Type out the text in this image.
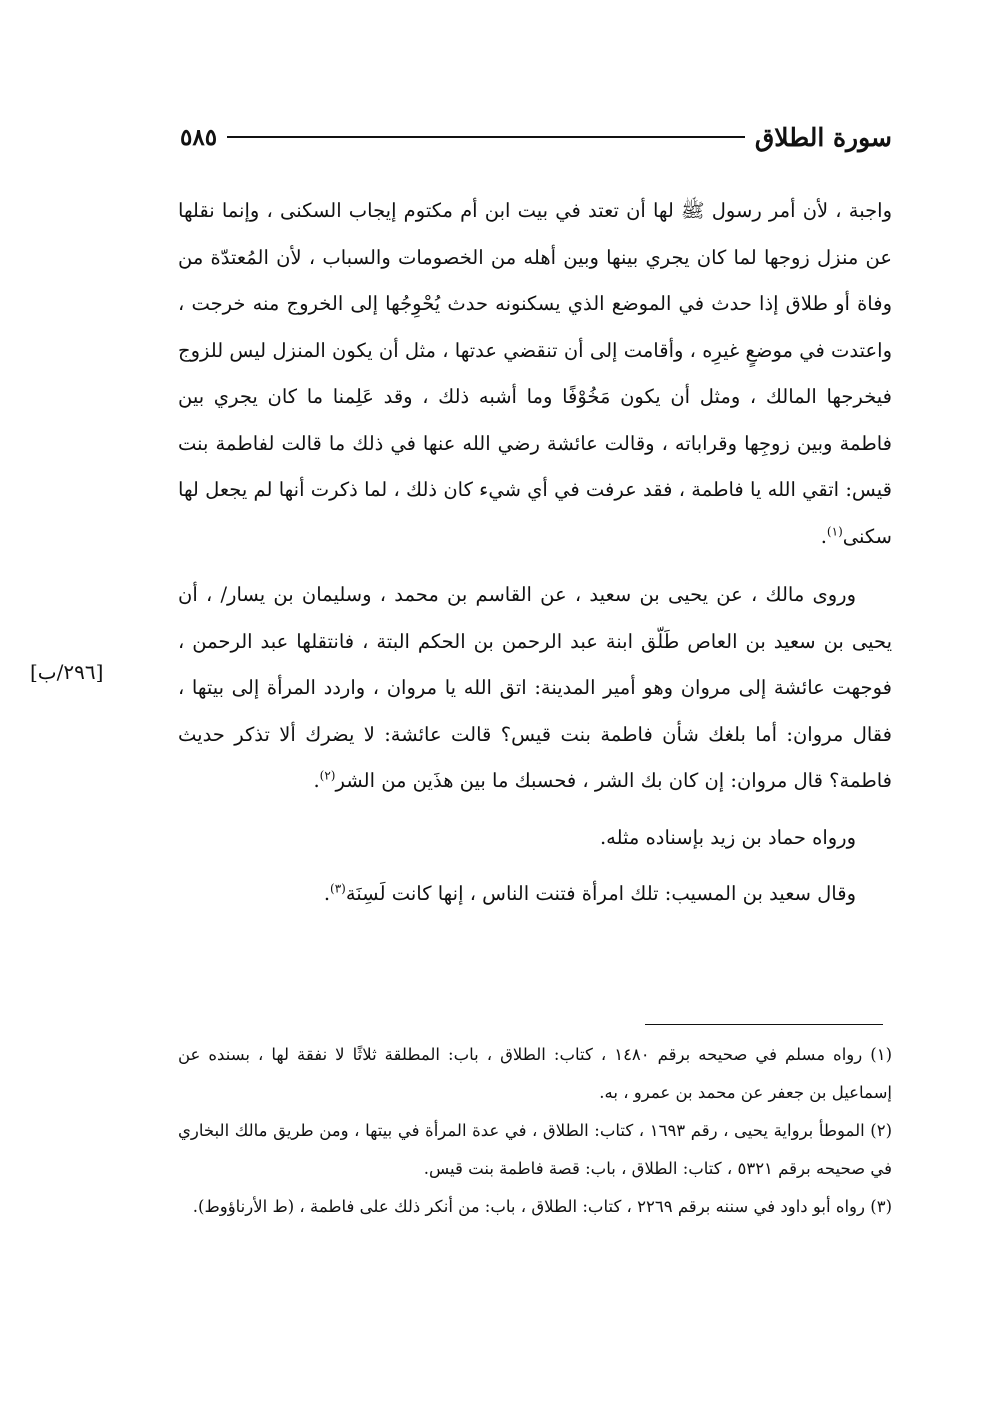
سورة الطلاق
٥٨٥
[٢٩٦/ب]

واجبة ، لأن أمر رسول ﷺ لها أن تعتد في بيت ابن أم مكتوم إيجاب السكنى ، وإنما نقلها عن منزل زوجها لما كان يجري بينها وبين أهله من الخصومات والسباب ، لأن المُعتدّة من وفاة أو طلاق إذا حدث في الموضع الذي يسكنونه حدث يُحْوِجُها إلى الخروج منه خرجت ، واعتدت في موضعٍ غيرِه ، وأقامت إلى أن تنقضي عدتها ، مثل أن يكون المنزل ليس للزوج فيخرجها المالك ، ومثل أن يكون مَخُوْفًا وما أشبه ذلك ، وقد عَلِمنا ما كان يجري بين فاطمة وبين زوجِها وقراباته ، وقالت عائشة رضي الله عنها في ذلك ما قالت لفاطمة بنت قيس: اتقي الله يا فاطمة ، فقد عرفت في أي شيء كان ذلك ، لما ذكرت أنها لم يجعل لها سكنى$^{(١)}$.

وروى مالك ، عن يحيى بن سعيد ، عن القاسم بن محمد ، وسليمان بن يسار/ ، أن يحيى بن سعيد بن العاص طَلّق ابنة عبد الرحمن بن الحكم البتة ، فانتقلها عبد الرحمن ، فوجهت عائشة إلى مروان وهو أمير المدينة: اتق الله يا مروان ، واردد المرأة إلى بيتها ، فقال مروان: أما بلغك شأن فاطمة بنت قيس؟ قالت عائشة: لا يضرك ألا تذكر حديث فاطمة؟ قال مروان: إن كان بك الشر ، فحسبك ما بين هذَين من الشر$^{(٢)}$.

ورواه حماد بن زيد بإسناده مثله.

وقال سعيد بن المسيب: تلك امرأة فتنت الناس ، إنها كانت لَسِنَة$^{(٣)}$.

(١) رواه مسلم في صحيحه برقم ١٤٨٠ ، كتاب: الطلاق ، باب: المطلقة ثلاثًا لا نفقة لها ، بسنده عن إسماعيل بن جعفر عن محمد بن عمرو ، به.

(٢) الموطأ برواية يحيى ، رقم ١٦٩٣ ، كتاب: الطلاق ، في عدة المرأة في بيتها ، ومن طريق مالك البخاري في صحيحه برقم ٥٣٢١ ، كتاب: الطلاق ، باب: قصة فاطمة بنت قيس.

(٣) رواه أبو داود في سننه برقم ٢٢٦٩ ، كتاب: الطلاق ، باب: من أنكر ذلك على فاطمة ، (ط الأرناؤوط).
